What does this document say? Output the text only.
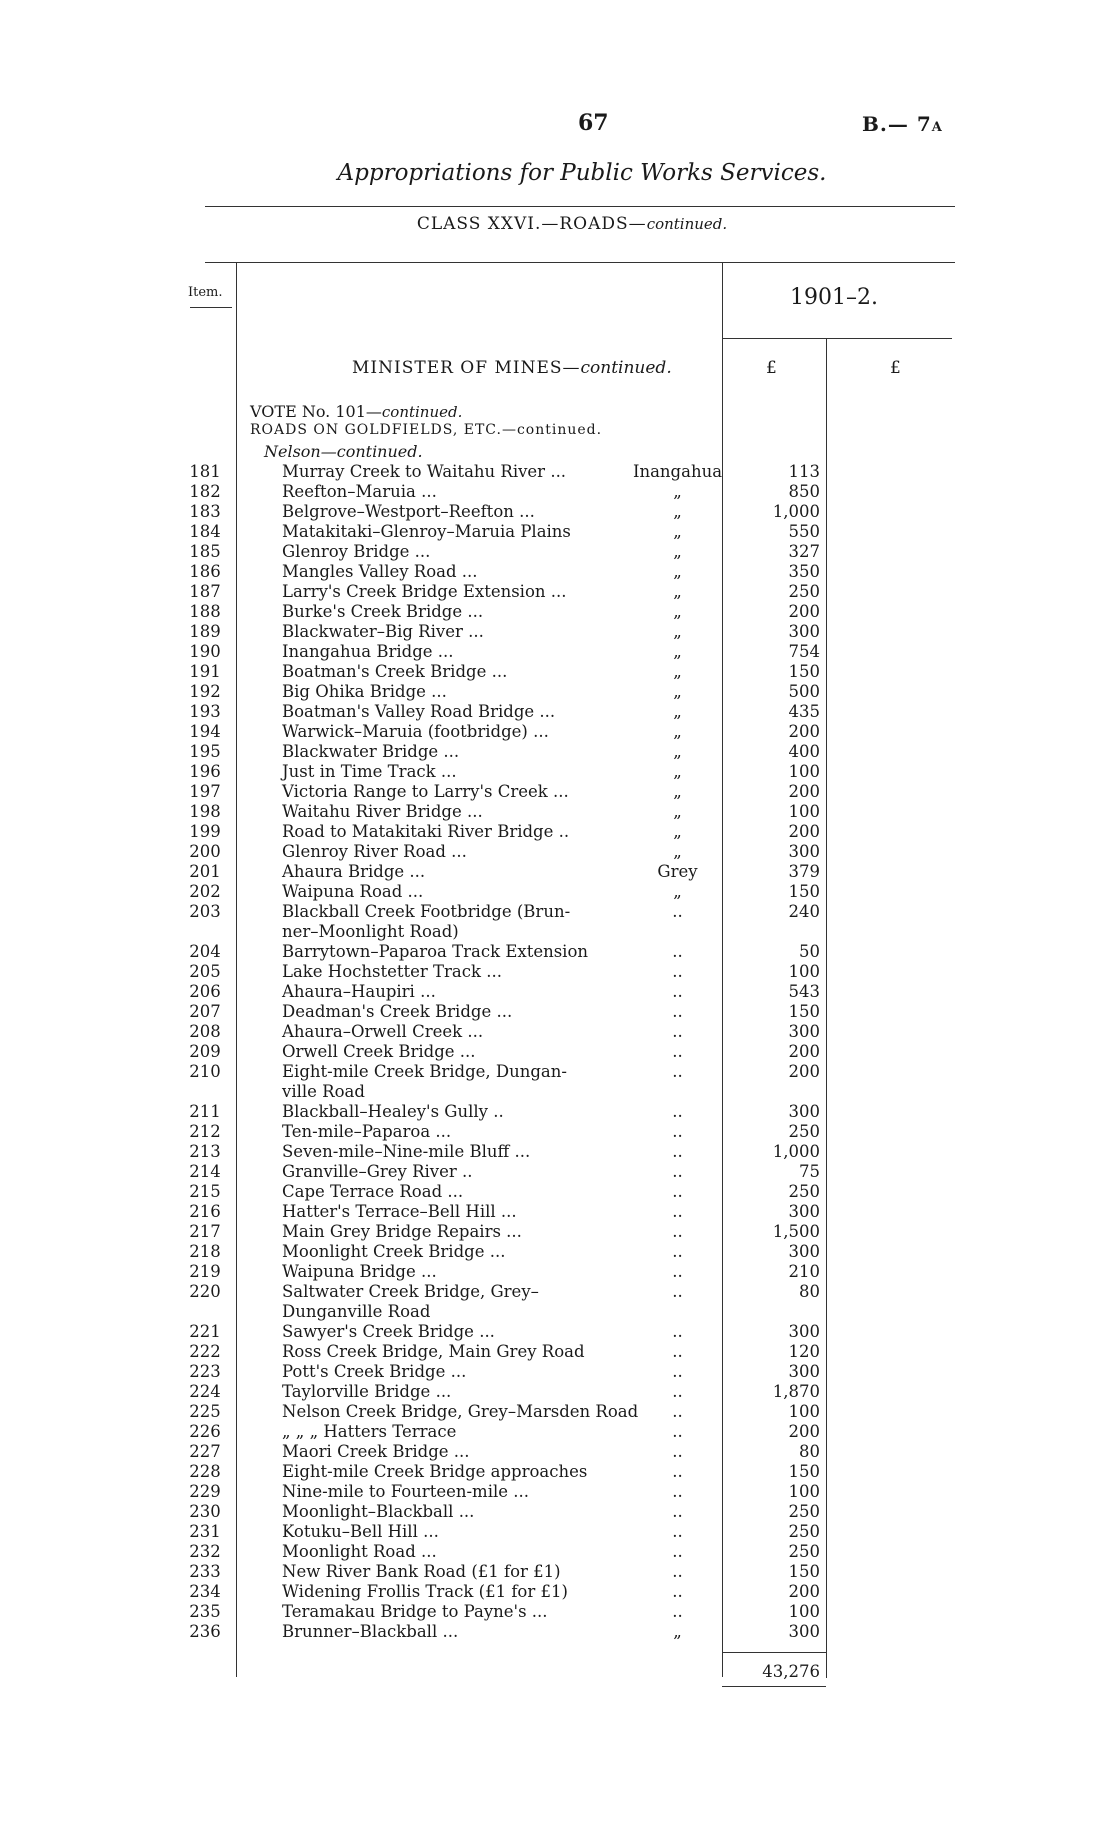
67	B.— 7A
Appropriations for Public Works Services.
CLASS XXVI.—ROADS—continued.
Item.	1901–2.
MINISTER OF MINES—continued.	£	£
VOTE No. 101—continued.
ROADS ON GOLDFIELDS, ETC.—continued.
Nelson—continued.
181	Murray Creek to Waitahu River ...	Inangahua	113
182	Reefton–Maruia ...	„	850
183	Belgrove–Westport–Reefton ...	„	1,000
184	Matakitaki–Glenroy–Maruia Plains	„	550
185	Glenroy Bridge ...	„	327
186	Mangles Valley Road ...	„	350
187	Larry's Creek Bridge Extension ...	„	250
188	Burke's Creek Bridge ...	„	200
189	Blackwater–Big River ...	„	300
190	Inangahua Bridge ...	„	754
191	Boatman's Creek Bridge ...	„	150
192	Big Ohika Bridge ...	„	500
193	Boatman's Valley Road Bridge ...	„	435
194	Warwick–Maruia (footbridge) ...	„	200
195	Blackwater Bridge ...	„	400
196	Just in Time Track ...	„	100
197	Victoria Range to Larry's Creek ...	„	200
198	Waitahu River Bridge ...	„	100
199	Road to Matakitaki River Bridge ..	„	200
200	Glenroy River Road ...	„	300
201	Ahaura Bridge ...	Grey	379
202	Waipuna Road ...	„	150
203	Blackball Creek Footbridge (Brun-	..	240
ner–Moonlight Road)
204	Barrytown–Paparoa Track Extension	..	50
205	Lake Hochstetter Track ...	..	100
206	Ahaura–Haupiri ...	..	543
207	Deadman's Creek Bridge ...	..	150
208	Ahaura–Orwell Creek ...	..	300
209	Orwell Creek Bridge ...	..	200
210	Eight-mile Creek Bridge, Dungan-	..	200
ville Road
211	Blackball–Healey's Gully ..	..	300
212	Ten-mile–Paparoa ...	..	250
213	Seven-mile–Nine-mile Bluff ...	..	1,000
214	Granville–Grey River ..	..	75
215	Cape Terrace Road ...	..	250
216	Hatter's Terrace–Bell Hill ...	..	300
217	Main Grey Bridge Repairs ...	..	1,500
218	Moonlight Creek Bridge ...	..	300
219	Waipuna Bridge ...	..	210
220	Saltwater Creek Bridge, Grey–	..	80
Dunganville Road
221	Sawyer's Creek Bridge ...	..	300
222	Ross Creek Bridge, Main Grey Road	..	120
223	Pott's Creek Bridge ...	..	300
224	Taylorville Bridge ...	..	1,870
225	Nelson Creek Bridge, Grey–Marsden Road	..	100
226	„ „ „ Hatters Terrace	..	200
227	Maori Creek Bridge ...	..	80
228	Eight-mile Creek Bridge approaches	..	150
229	Nine-mile to Fourteen-mile ...	..	100
230	Moonlight–Blackball ...	..	250
231	Kotuku–Bell Hill ...	..	250
232	Moonlight Road ...	..	250
233	New River Bank Road (£1 for £1)	..	150
234	Widening Frollis Track (£1 for £1)	..	200
235	Teramakau Bridge to Payne's ...	..	100
236	Brunner–Blackball ...	„	300
43,276
